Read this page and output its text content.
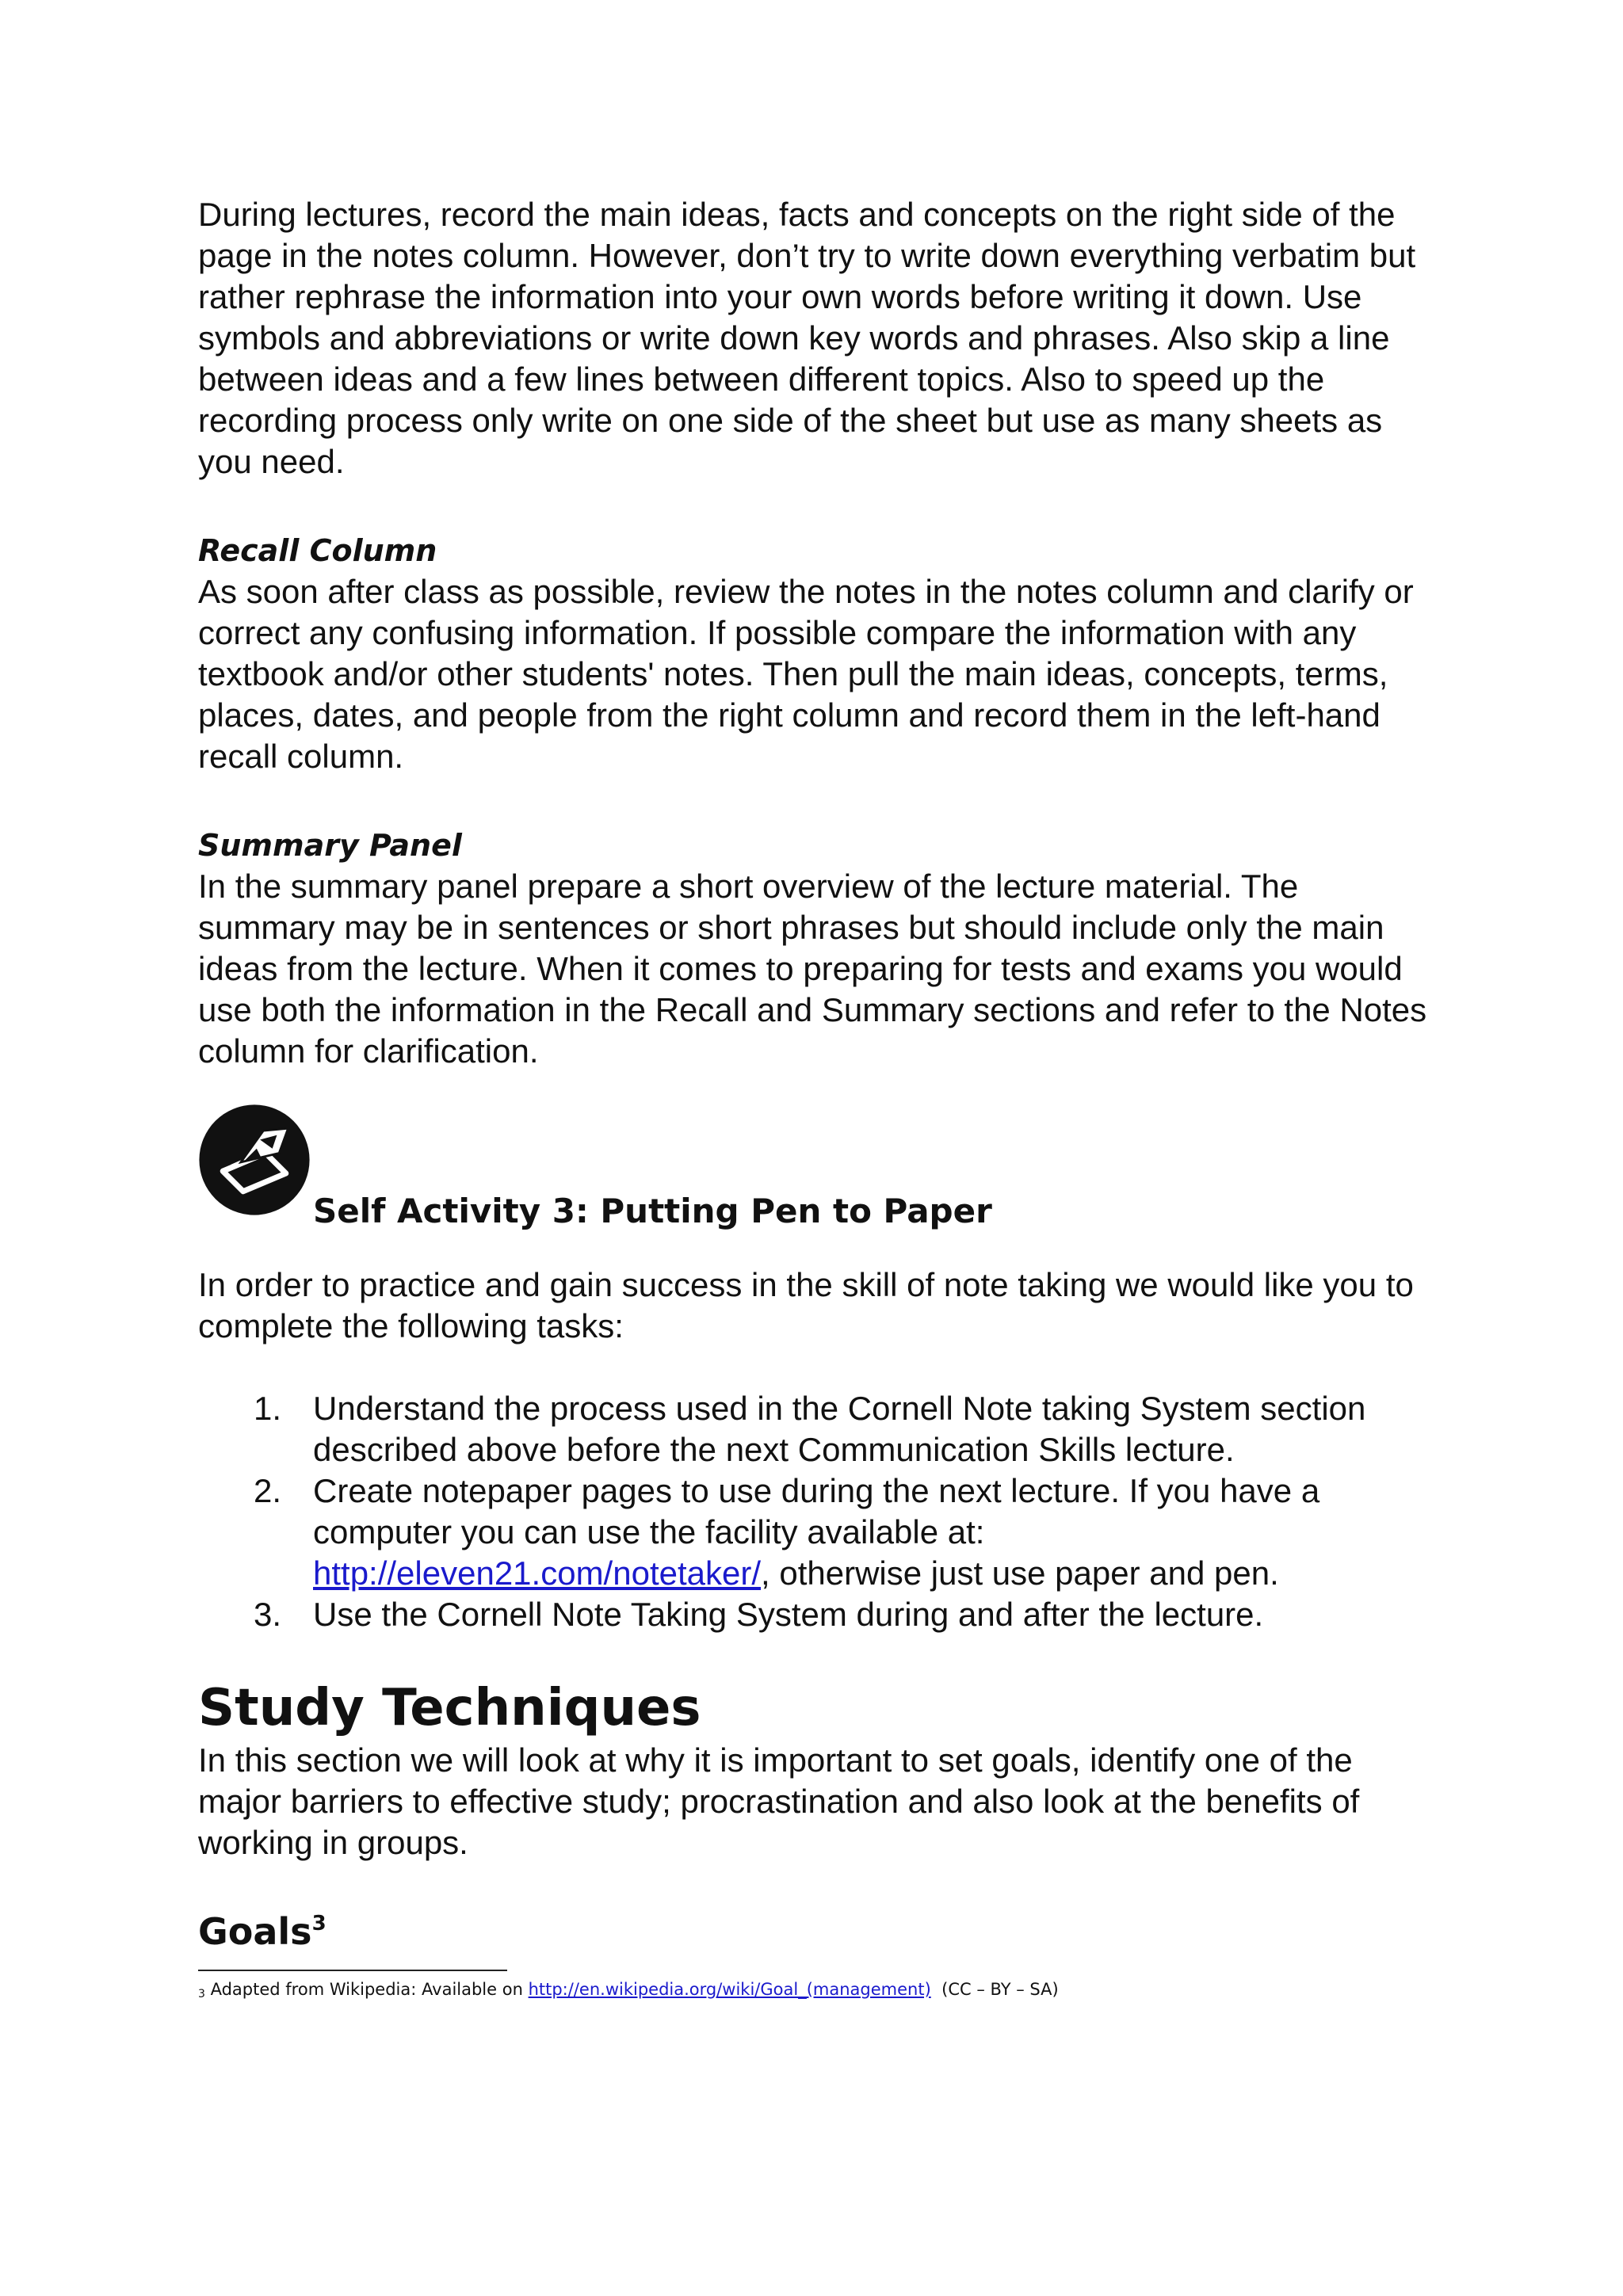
During lectures, record the main ideas, facts and concepts on the right side of the page in the notes column. However, don’t try to write down everything verbatim but rather rephrase the information into your own words before writing it down. Use symbols and abbreviations or write down key words and phrases. Also skip a line between ideas and a few lines between different topics. Also to speed up the recording process only write on one side of the sheet but use as many sheets as you need.

Recall Column

As soon after class as possible, review the notes in the notes column and clarify or correct any confusing information. If possible compare the information with any textbook and/or other students' notes. Then pull the main ideas, concepts, terms, places, dates, and people from the right column and record them in the left-hand recall column.

Summary Panel

In the summary panel prepare a short overview of the lecture material. The summary may be in sentences or short phrases but should include only the main ideas from the lecture. When it comes to preparing for tests and exams you would use both the information in the Recall and Summary sections and refer to the Notes column for clarification.

Self Activity 3: Putting Pen to Paper

In order to practice and gain success in the skill of note taking we would like you to complete the following tasks:

1. Understand the process used in the Cornell Note taking System section described above before the next Communication Skills lecture.
2. Create notepaper pages to use during the next lecture. If you have a computer you can use the facility available at: http://eleven21.com/notetaker/, otherwise just use paper and pen.
3. Use the Cornell Note Taking System during and after the lecture.
Study Techniques

In this section we will look at why it is important to set goals, identify one of the major barriers to effective study; procrastination and also look at the benefits of working in groups.

Goals$^3$
3 Adapted from Wikipedia: Available on http://en.wikipedia.org/wiki/Goal_(management) (CC – BY – SA)
